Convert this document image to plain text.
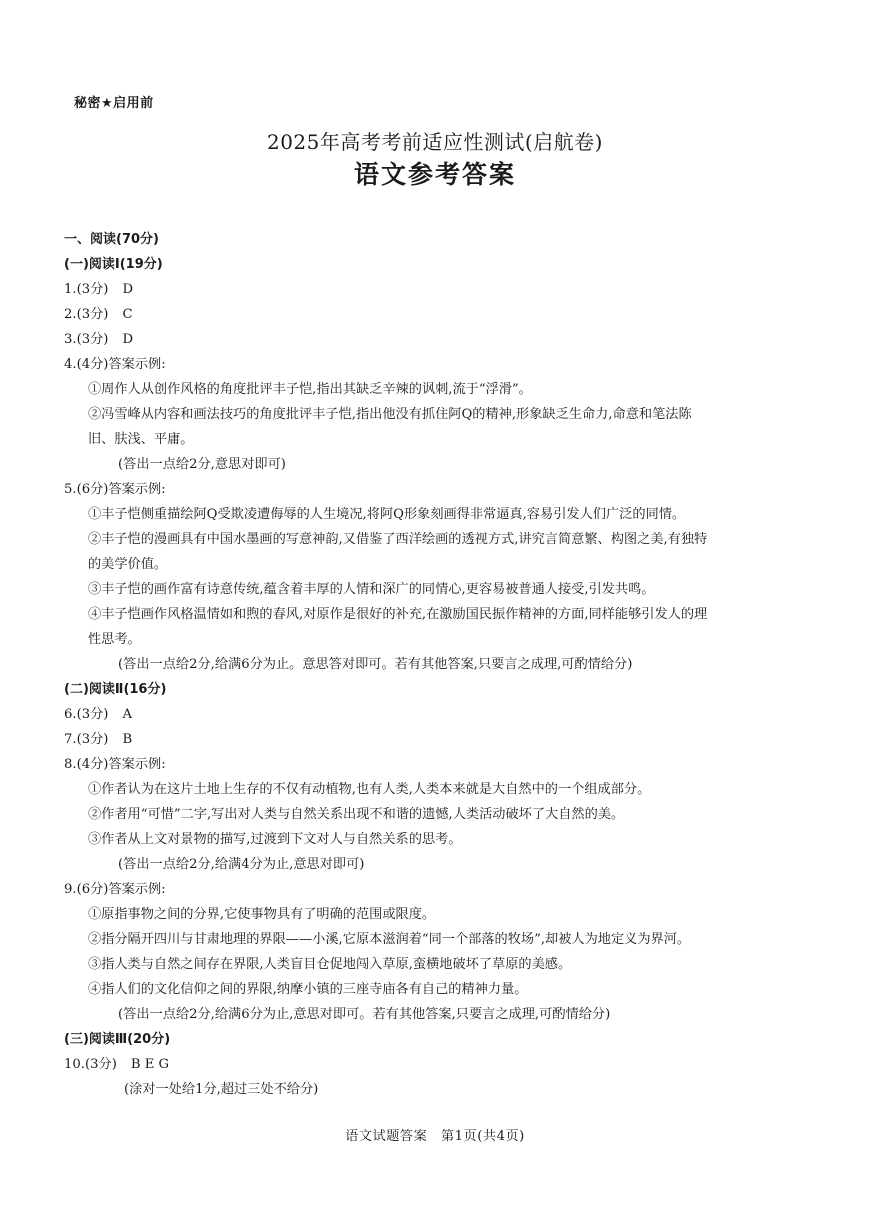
秘密★启用前
2025年高考考前适应性测试(启航卷)
语文参考答案
一、阅读(70分)
(一)阅读Ⅰ(19分)
1.(3分) D
2.(3分) C
3.(3分) D
4.(4分)答案示例:
①周作人从创作风格的角度批评丰子恺,指出其缺乏辛辣的讽刺,流于“浮滑”。
②冯雪峰从内容和画法技巧的角度批评丰子恺,指出他没有抓住阿Q的精神,形象缺乏生命力,命意和笔法陈
旧、肤浅、平庸。
(答出一点给2分,意思对即可)
5.(6分)答案示例:
①丰子恺侧重描绘阿Q受欺凌遭侮辱的人生境况,将阿Q形象刻画得非常逼真,容易引发人们广泛的同情。
②丰子恺的漫画具有中国水墨画的写意神韵,又借鉴了西洋绘画的透视方式,讲究言简意繁、构图之美,有独特
的美学价值。
③丰子恺的画作富有诗意传统,蕴含着丰厚的人情和深广的同情心,更容易被普通人接受,引发共鸣。
④丰子恺画作风格温情如和煦的春风,对原作是很好的补充,在激励国民振作精神的方面,同样能够引发人的理
性思考。
(答出一点给2分,给满6分为止。意思答对即可。若有其他答案,只要言之成理,可酌情给分)
(二)阅读Ⅱ(16分)
6.(3分) A
7.(3分) B
8.(4分)答案示例:
①作者认为在这片土地上生存的不仅有动植物,也有人类,人类本来就是大自然中的一个组成部分。
②作者用“可惜”二字,写出对人类与自然关系出现不和谐的遗憾,人类活动破坏了大自然的美。
③作者从上文对景物的描写,过渡到下文对人与自然关系的思考。
(答出一点给2分,给满4分为止,意思对即可)
9.(6分)答案示例:
①原指事物之间的分界,它使事物具有了明确的范围或限度。
②指分隔开四川与甘肃地理的界限——小溪,它原本滋润着“同一个部落的牧场”,却被人为地定义为界河。
③指人类与自然之间存在界限,人类盲目仓促地闯入草原,蛮横地破坏了草原的美感。
④指人们的文化信仰之间的界限,纳摩小镇的三座寺庙各有自己的精神力量。
(答出一点给2分,给满6分为止,意思对即可。若有其他答案,只要言之成理,可酌情给分)
(三)阅读Ⅲ(20分)
10.(3分) B E G
(涂对一处给1分,超过三处不给分)
语文试题答案　第1页(共4页)
